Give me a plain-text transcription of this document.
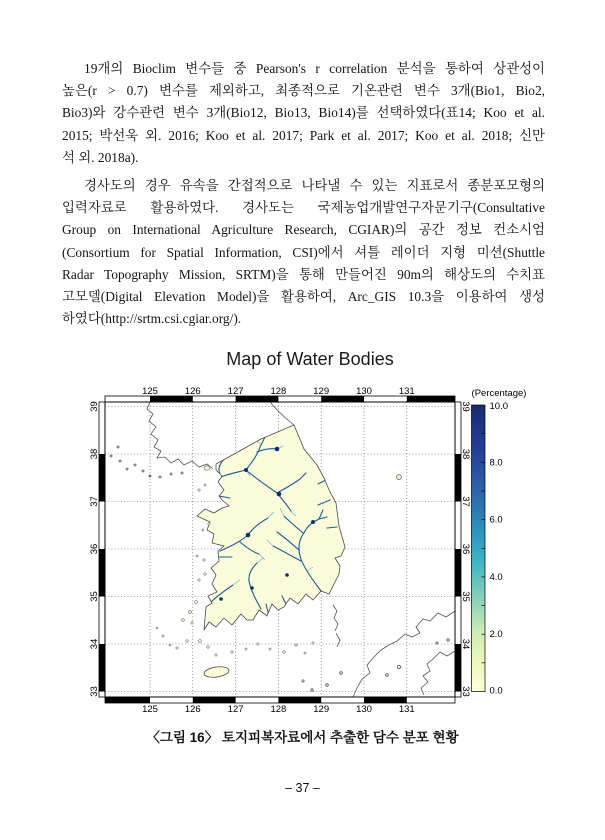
19개의 Bioclim 변수들 중 Pearson's r correlation 분석을 통하여 상관성이
높은(r > 0.7) 변수를 제외하고, 최종적으로 기온관련 변수 3개(Bio1, Bio2,
Bio3)와 강수관련 변수 3개(Bio12, Bio13, Bio14)를 선택하였다(표14; Koo et al.
2015; 박선욱 외. 2016; Koo et al. 2017; Park et al. 2017; Koo et al. 2018; 신만
석 외. 2018a).
경사도의 경우 유속을 간접적으로 나타낼 수 있는 지표로서 종분포모형의
입력자료로 활용하였다. 경사도는 국제농업개발연구자문기구(Consultative
Group on International Agriculture Research, CGIAR)의 공간 정보 컨소시엄
(Consortium for Spatial Information, CSI)에서 셔틀 레이더 지형 미션(Shuttle
Radar Topography Mission, SRTM)을 통해 만들어진 90m의 해상도의 수치표
고모델(Digital Elevation Model)을 활용하여, Arc_GIS 10.3을 이용하여 생성
하였다(http://srtm.csi.cgiar.org/).
Map of Water Bodies
125	126	127	128	129	130	131
125	126	127	128	129	130	131
39
38
37
36
35
34
33
39
38
37
36
35
34
33
(Percentage)
10.0
8.0
6.0
4.0
2.0
0.0
〈그림 16〉 토지피복자료에서 추출한 담수 분포 현황
– 37 –
